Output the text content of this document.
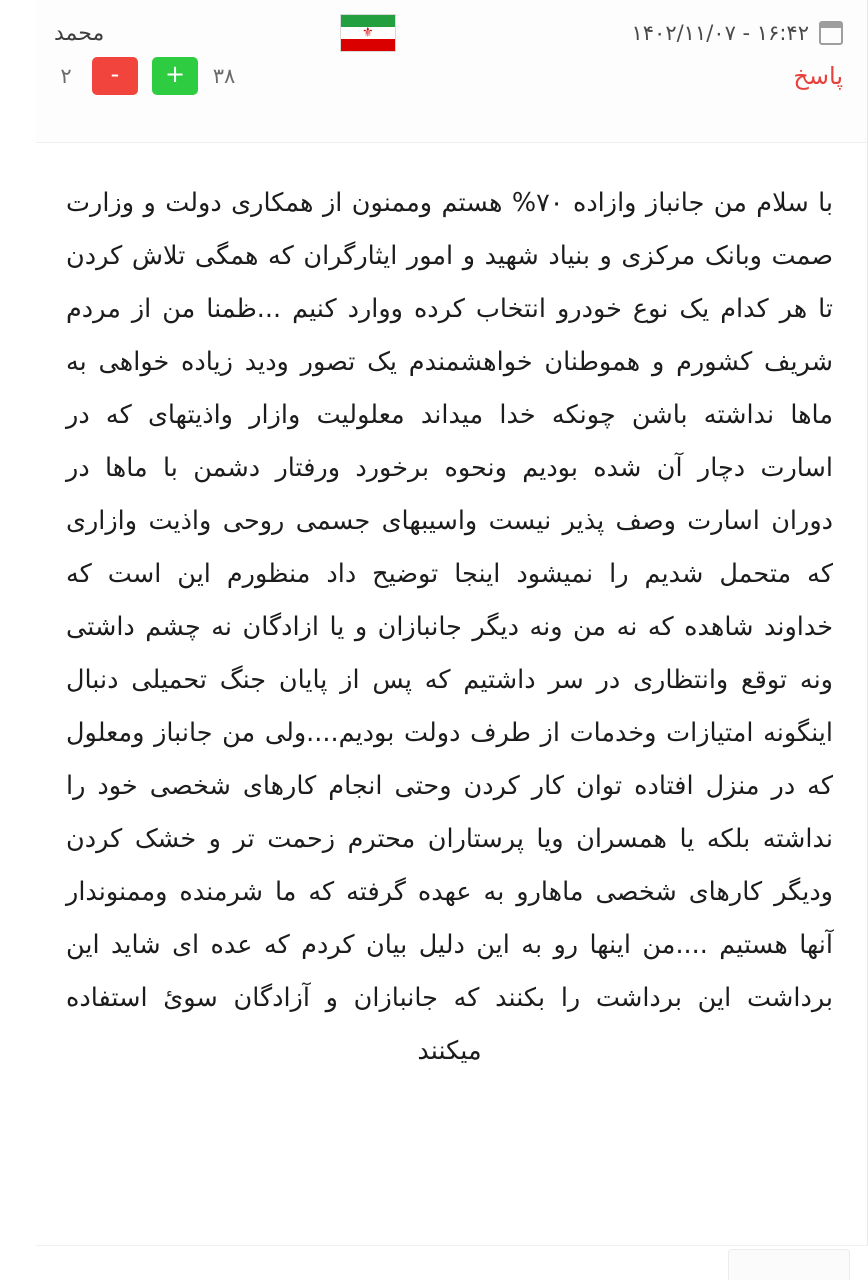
۱۴۰۲/۱۱/۰۷ - ۱۶:۴۲
⚜
محمد
پاسخ
۲	-	+	۳۸
با سلام من جانباز وازاده ۷۰% هستم وممنون از همکاری دولت و وزارت صمت وبانک مرکزی و بنیاد شهید و امور ایثارگران که همگی تلاش کردن تا هر کدام یک نوع خودرو انتخاب کرده ووارد کنیم ...ظمنا من از مردم شریف کشورم و هموطنان خواهشمندم یک تصور ودید زیاده خواهی به ماها نداشته باشن چونکه خدا میداند معلولیت وازار واذیتهای که در اسارت دچار آن شده بودیم ونحوه برخورد ورفتار دشمن با ماها در دوران اسارت وصف پذیر نیست واسیبهای جسمی روحی واذیت وازاری که متحمل شدیم را نمیشود اینجا توضیح داد منظورم این است که خداوند شاهده که نه من ونه دیگر جانبازان و یا ازادگان نه چشم داشتی ونه توقع وانتظاری در سر داشتیم که پس از پایان جنگ تحمیلی دنبال اینگونه امتیازات وخدمات از طرف دولت بودیم....ولی من جانباز ومعلول که در منزل افتاده توان کار کردن وحتی انجام کارهای شخصی خود را نداشته بلکه یا همسران ویا پرستاران محترم زحمت تر و خشک کردن ودیگر کارهای شخصی ماهارو به عهده گرفته که ما شرمنده وممنوندار آنها هستیم ....من اینها رو به این دلیل بیان کردم که عده ای شاید این برداشت این برداشت را بکنند که جانبازان و آزادگان سوئ استفاده میکنند
